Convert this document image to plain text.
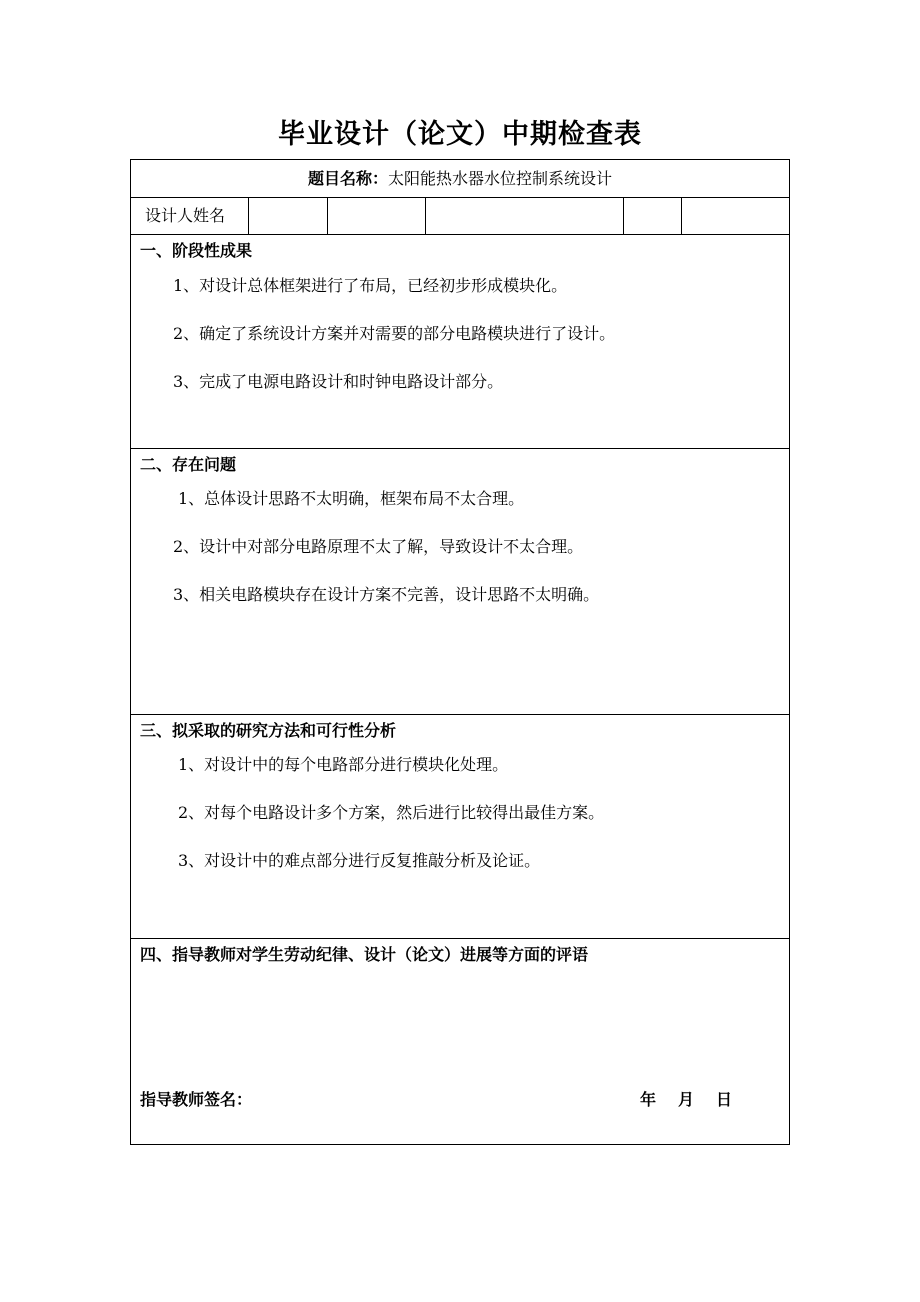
毕业设计（论文）中期检查表
题目名称：太阳能热水器水位控制系统设计
设计人姓名
一、阶段性成果
1、对设计总体框架进行了布局，已经初步形成模块化。
2、确定了系统设计方案并对需要的部分电路模块进行了设计。
3、完成了电源电路设计和时钟电路设计部分。
二、存在问题
1、总体设计思路不太明确，框架布局不太合理。
2、设计中对部分电路原理不太了解，导致设计不太合理。
3、相关电路模块存在设计方案不完善，设计思路不太明确。
三、拟采取的研究方法和可行性分析
1、对设计中的每个电路部分进行模块化处理。
2、对每个电路设计多个方案，然后进行比较得出最佳方案。
3、对设计中的难点部分进行反复推敲分析及论证。
四、指导教师对学生劳动纪律、设计（论文）进展等方面的评语
指导教师签名：	年 月 日
